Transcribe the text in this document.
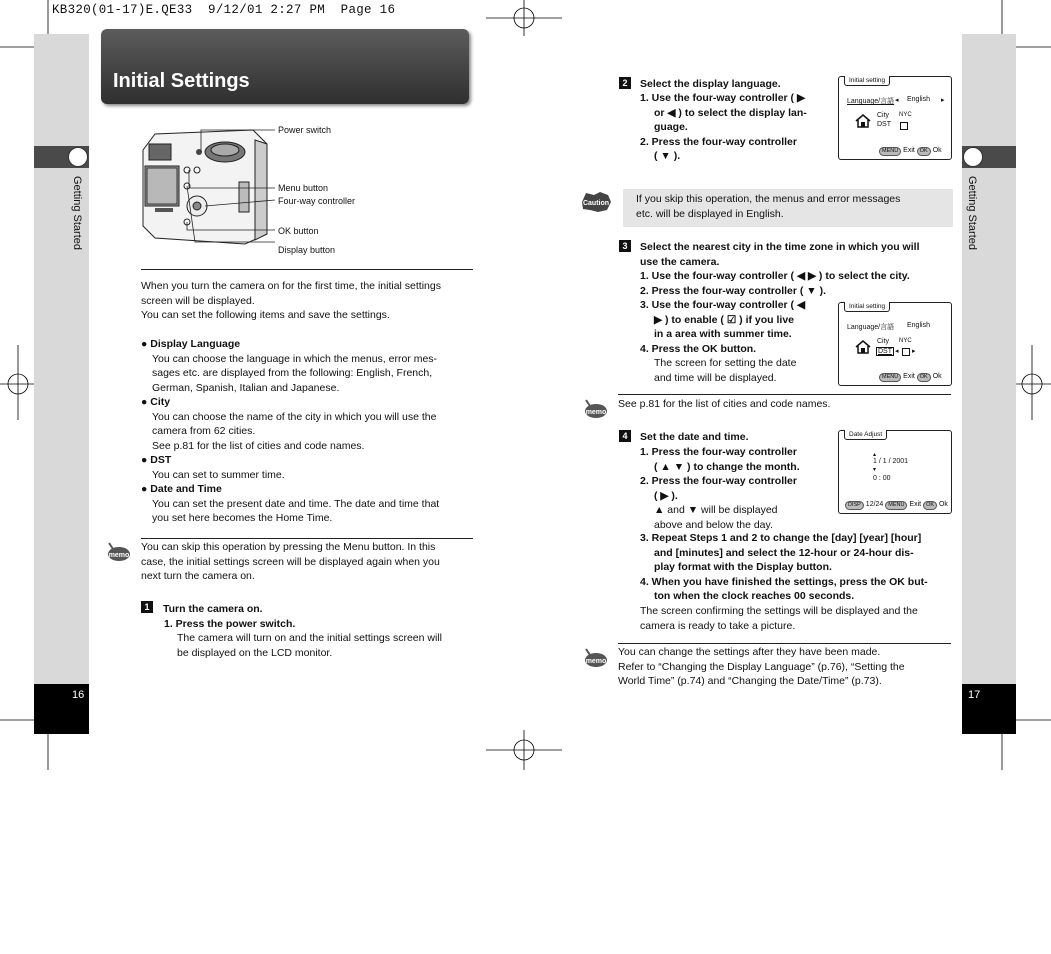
KB320(01-17)E.QE33  9/12/01 2:27 PM  Page 16
Getting Started
16
Getting Started
17
Initial Settings
Power switch
Menu button
Four-way controller
OK button
Display button
When you turn the camera on for the first time, the initial settings
screen will be displayed.
You can set the following items and save the settings.
● Display Language
You can choose the language in which the menus, error mes-
sages etc. are displayed from the following: English, French,
German, Spanish, Italian and Japanese.
● City
You can choose the name of the city in which you will use the
camera from 62 cities.
See p.81 for the list of cities and code names.
● DST
You can set to summer time.
● Date and Time
You can set the present date and time. The date and time that
you set here becomes the Home Time.
memo
You can skip this operation by pressing the Menu button. In this
case, the initial settings screen will be displayed again when you
next turn the camera on.
1	Turn the camera on.
1. Press the power switch.
The camera will turn on and the initial settings screen will
be displayed on the LCD monitor.
2	Select the display language.
1. Use the four-way controller ( ▶
or ◀ ) to select the display lan-
guage.
2. Press the four-way controller
( ▼ ).
Initial setting
Language/言語 ◂ English ▸
City NYC
DST
MENU Exit OK Ok
Caution	If you skip this operation, the menus and error messages
etc. will be displayed in English.
3	Select the nearest city in the time zone in which you will
use the camera.
1. Use the four-way controller ( ◀ ▶ ) to select the city.
2. Press the four-way controller ( ▼ ).
3. Use the four-way controller ( ◀
▶ ) to enable ( ☑ ) if you live
in a area with summer time.
4. Press the OK button.
The screen for setting the date
and time will be displayed.
Initial setting
Language/言語 English
City NYC
DST ◂ ▸
MENU Exit OK Ok
memo
See p.81 for the list of cities and code names.
4	Set the date and time.
1. Press the four-way controller
( ▲ ▼ ) to change the month.
2. Press the four-way controller
( ▶ ).
▲ and ▼ will be displayed
above and below the day.
3. Repeat Steps 1 and 2 to change the [day] [year] [hour]
and [minutes] and select the 12-hour or 24-hour dis-
play format with the Display button.
4. When you have finished the settings, press the OK but-
ton when the clock reaches 00 seconds.
The screen confirming the settings will be displayed and the
camera is ready to take a picture.
Date Adjust
▴
1 / 1 / 2001
▾
0 : 00
DISP 12/24 MENU Exit OK Ok
memo
You can change the settings after they have been made.
Refer to “Changing the Display Language” (p.76), “Setting the
World Time” (p.74) and “Changing the Date/Time” (p.73).
